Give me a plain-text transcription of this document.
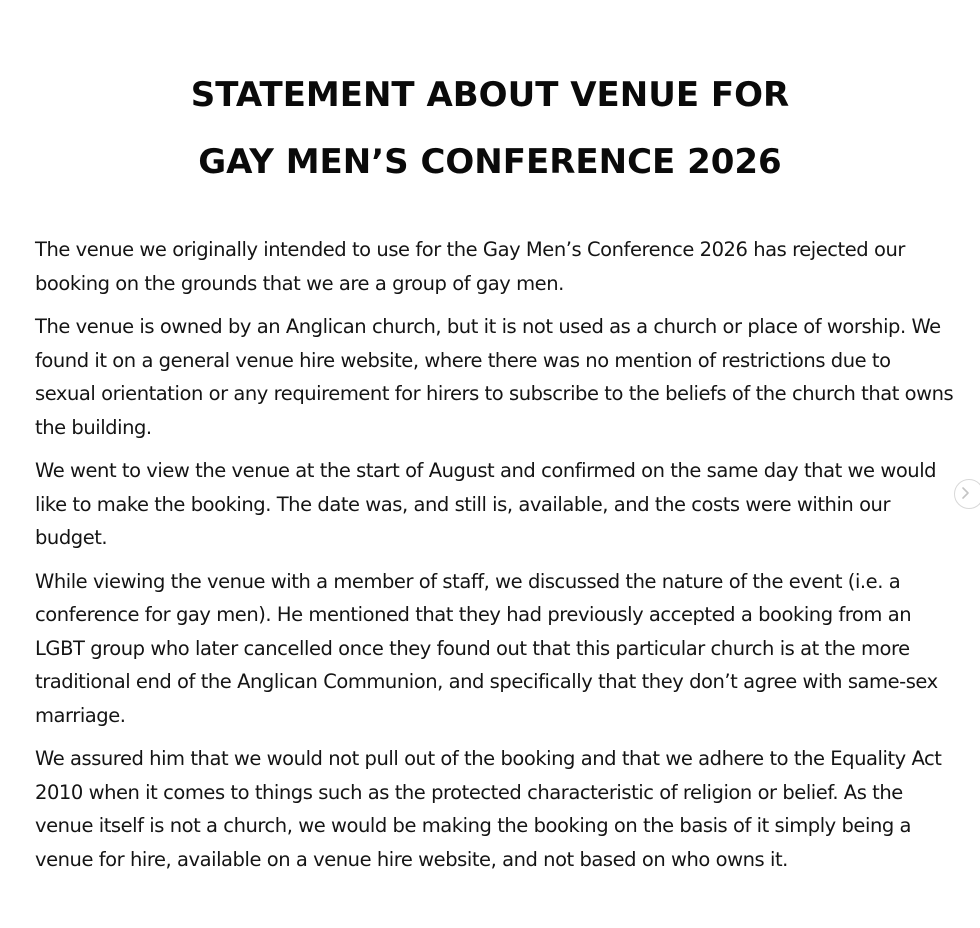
STATEMENT ABOUT VENUE FOR
GAY MEN’S CONFERENCE 2026

The venue we originally intended to use for the Gay Men’s Conference 2026 has rejected our booking on the grounds that we are a group of gay men.

The venue is owned by an Anglican church, but it is not used as a church or place of worship. We found it on a general venue hire website, where there was no mention of restrictions due to sexual orientation or any requirement for hirers to subscribe to the beliefs of the church that owns the building.

We went to view the venue at the start of August and confirmed on the same day that we would like to make the booking. The date was, and still is, available, and the costs were within our budget.

While viewing the venue with a member of staff, we discussed the nature of the event (i.e. a conference for gay men). He mentioned that they had previously accepted a booking from an LGBT group who later cancelled once they found out that this particular church is at the more traditional end of the Anglican Communion, and specifically that they don’t agree with same-sex marriage.

We assured him that we would not pull out of the booking and that we adhere to the Equality Act 2010 when it comes to things such as the protected characteristic of religion or belief. As the venue itself is not a church, we would be making the booking on the basis of it simply being a venue for hire, available on a venue hire website, and not based on who owns it.
